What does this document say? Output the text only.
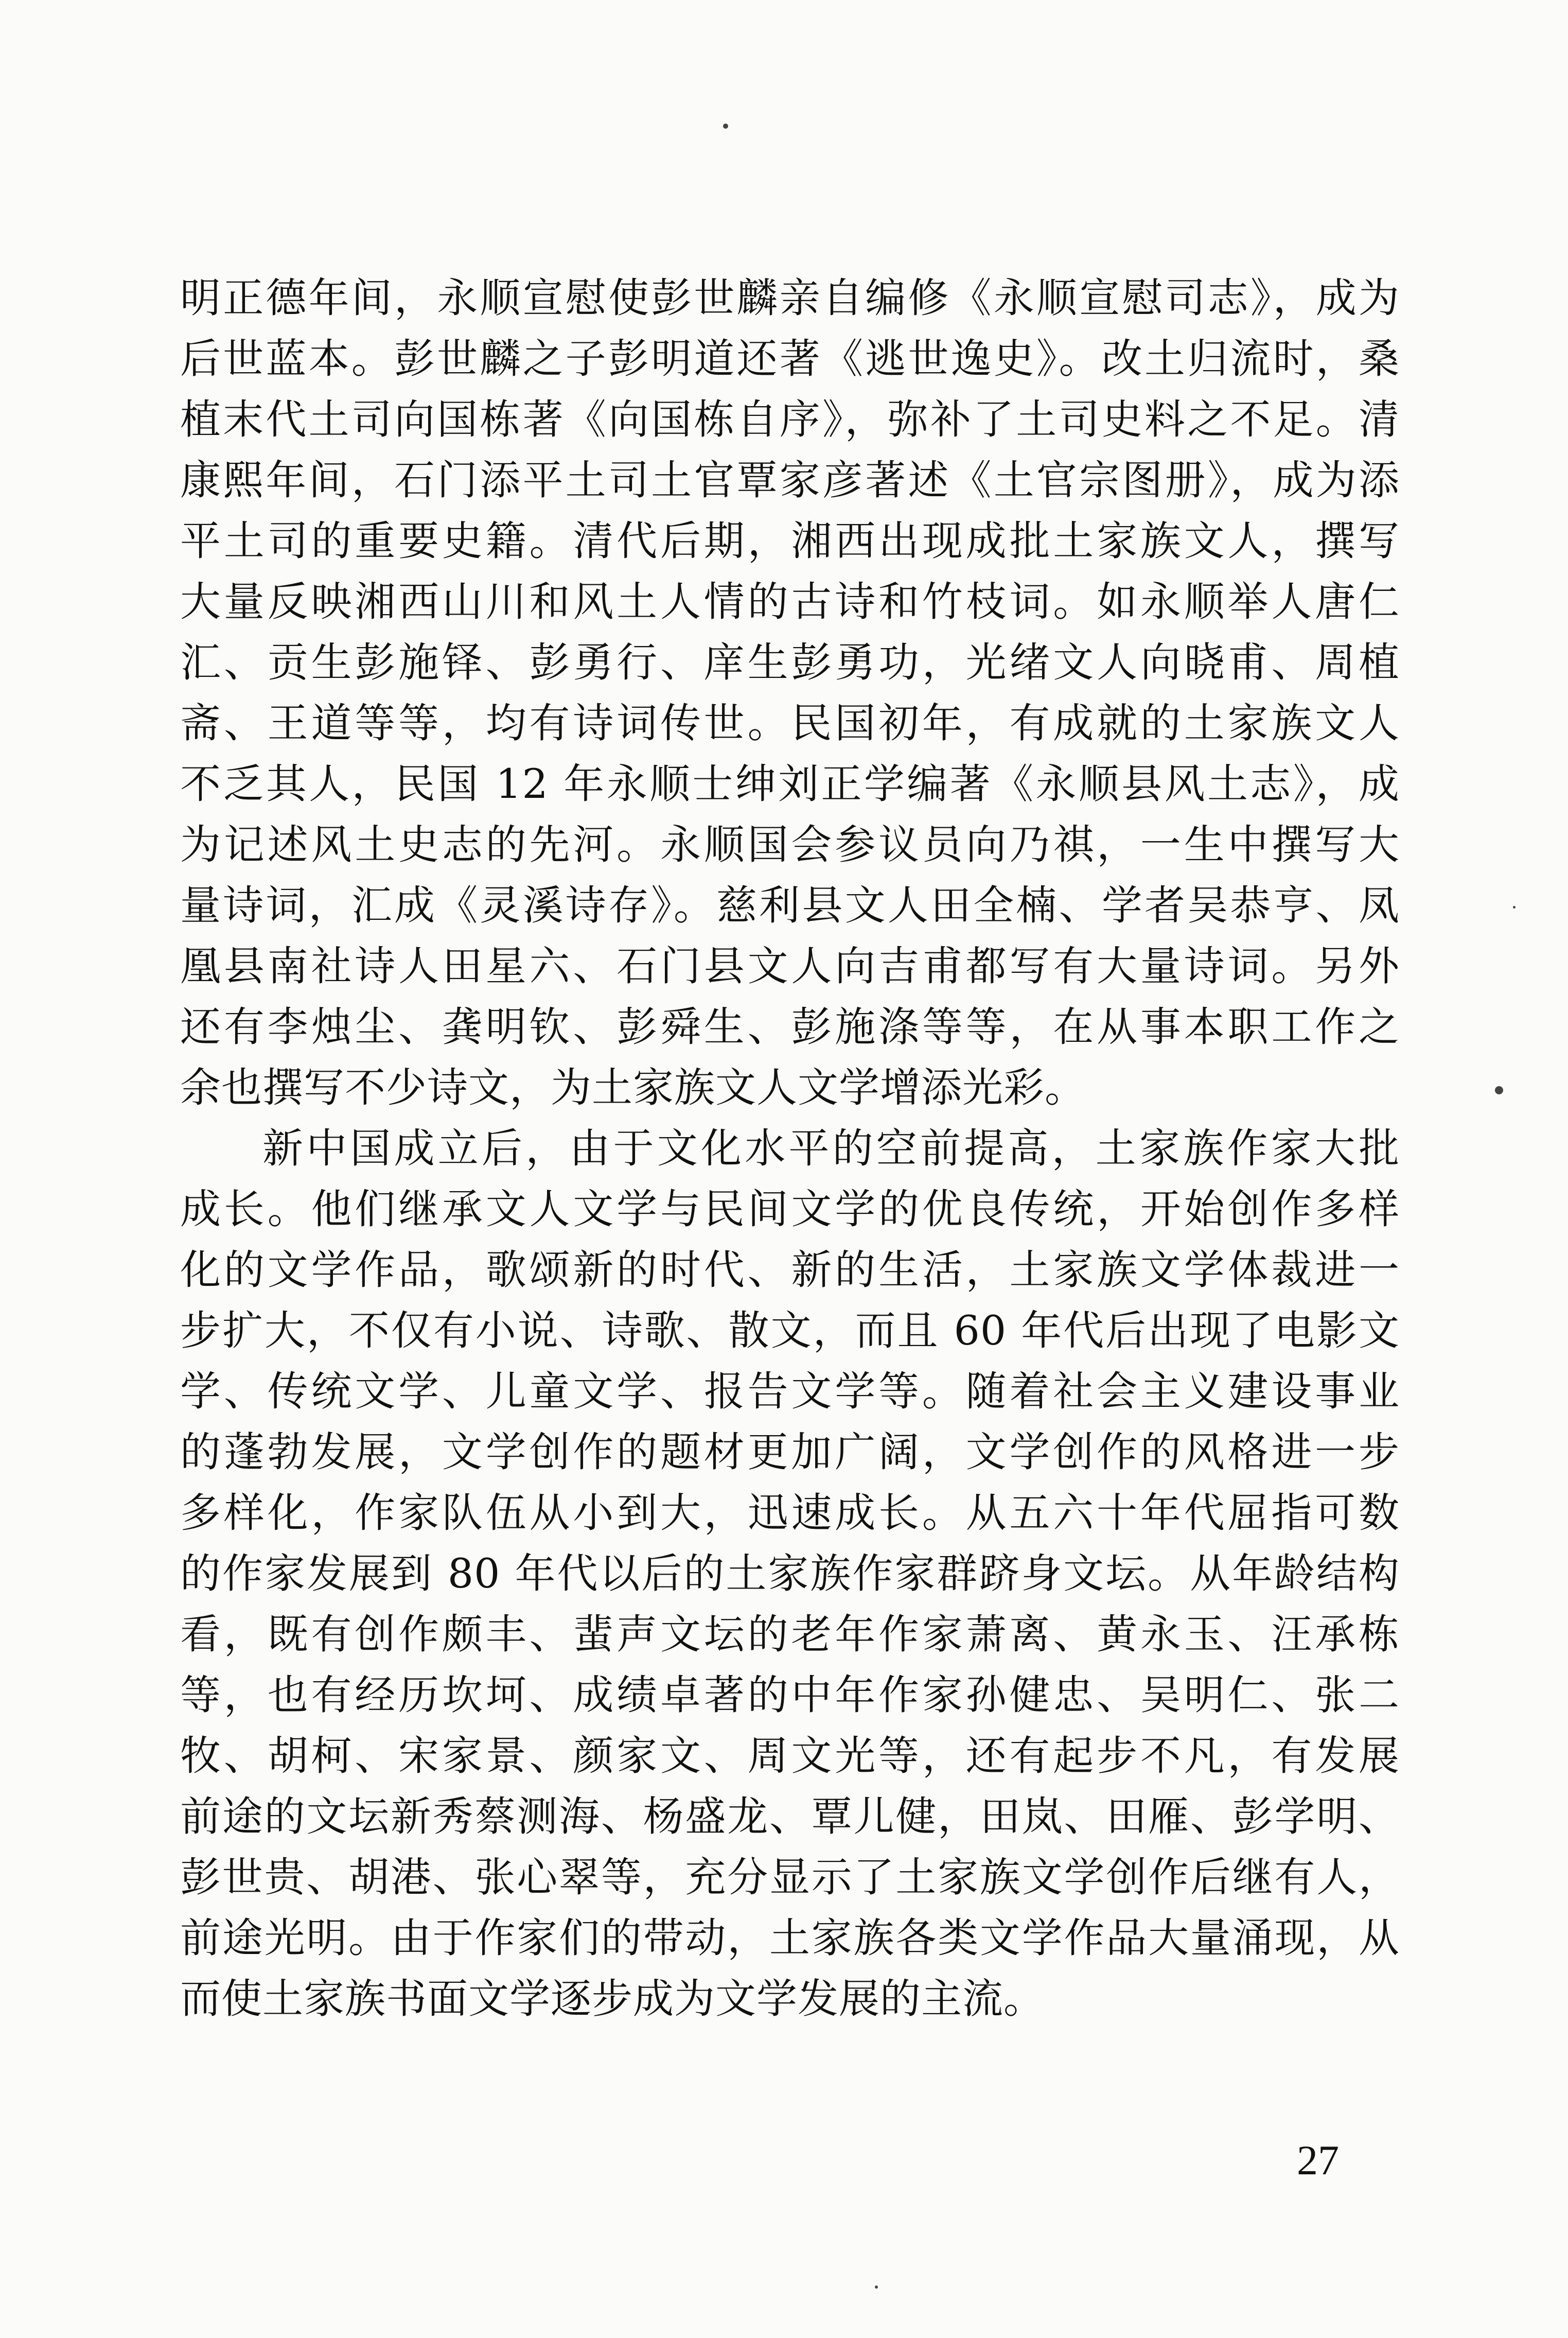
明正德年间，永顺宣慰使彭世麟亲自编修《永顺宣慰司志》，成为
后世蓝本。彭世麟之子彭明道还著《逃世逸史》。改土归流时，桑
植末代土司向国栋著《向国栋自序》，弥补了土司史料之不足。清
康熙年间，石门添平土司土官覃家彦著述《土官宗图册》，成为添
平土司的重要史籍。清代后期，湘西出现成批土家族文人，撰写
大量反映湘西山川和风土人情的古诗和竹枝词。如永顺举人唐仁
汇、贡生彭施铎、彭勇行、庠生彭勇功，光绪文人向晓甫、周植
斋、王道等等，均有诗词传世。民国初年，有成就的土家族文人
不乏其人，民国 12 年永顺士绅刘正学编著《永顺县风土志》，成
为记述风土史志的先河。永顺国会参议员向乃祺，一生中撰写大
量诗词，汇成《灵溪诗存》。慈利县文人田全楠、学者吴恭亨、凤
凰县南社诗人田星六、石门县文人向吉甫都写有大量诗词。另外
还有李烛尘、龚明钦、彭舜生、彭施涤等等，在从事本职工作之
余也撰写不少诗文，为土家族文人文学增添光彩。
新中国成立后，由于文化水平的空前提高，土家族作家大批
成长。他们继承文人文学与民间文学的优良传统，开始创作多样
化的文学作品，歌颂新的时代、新的生活，土家族文学体裁进一
步扩大，不仅有小说、诗歌、散文，而且 60 年代后出现了电影文
学、传统文学、儿童文学、报告文学等。随着社会主义建设事业
的蓬勃发展，文学创作的题材更加广阔，文学创作的风格进一步
多样化，作家队伍从小到大，迅速成长。从五六十年代屈指可数
的作家发展到 80 年代以后的土家族作家群跻身文坛。从年龄结构
看，既有创作颇丰、蜚声文坛的老年作家萧离、黄永玉、汪承栋
等，也有经历坎坷、成绩卓著的中年作家孙健忠、吴明仁、张二
牧、胡柯、宋家景、颜家文、周文光等，还有起步不凡，有发展
前途的文坛新秀蔡测海、杨盛龙、覃儿健，田岚、田雁、彭学明、
彭世贵、胡港、张心翠等，充分显示了土家族文学创作后继有人，
前途光明。由于作家们的带动，土家族各类文学作品大量涌现，从
而使土家族书面文学逐步成为文学发展的主流。
27
